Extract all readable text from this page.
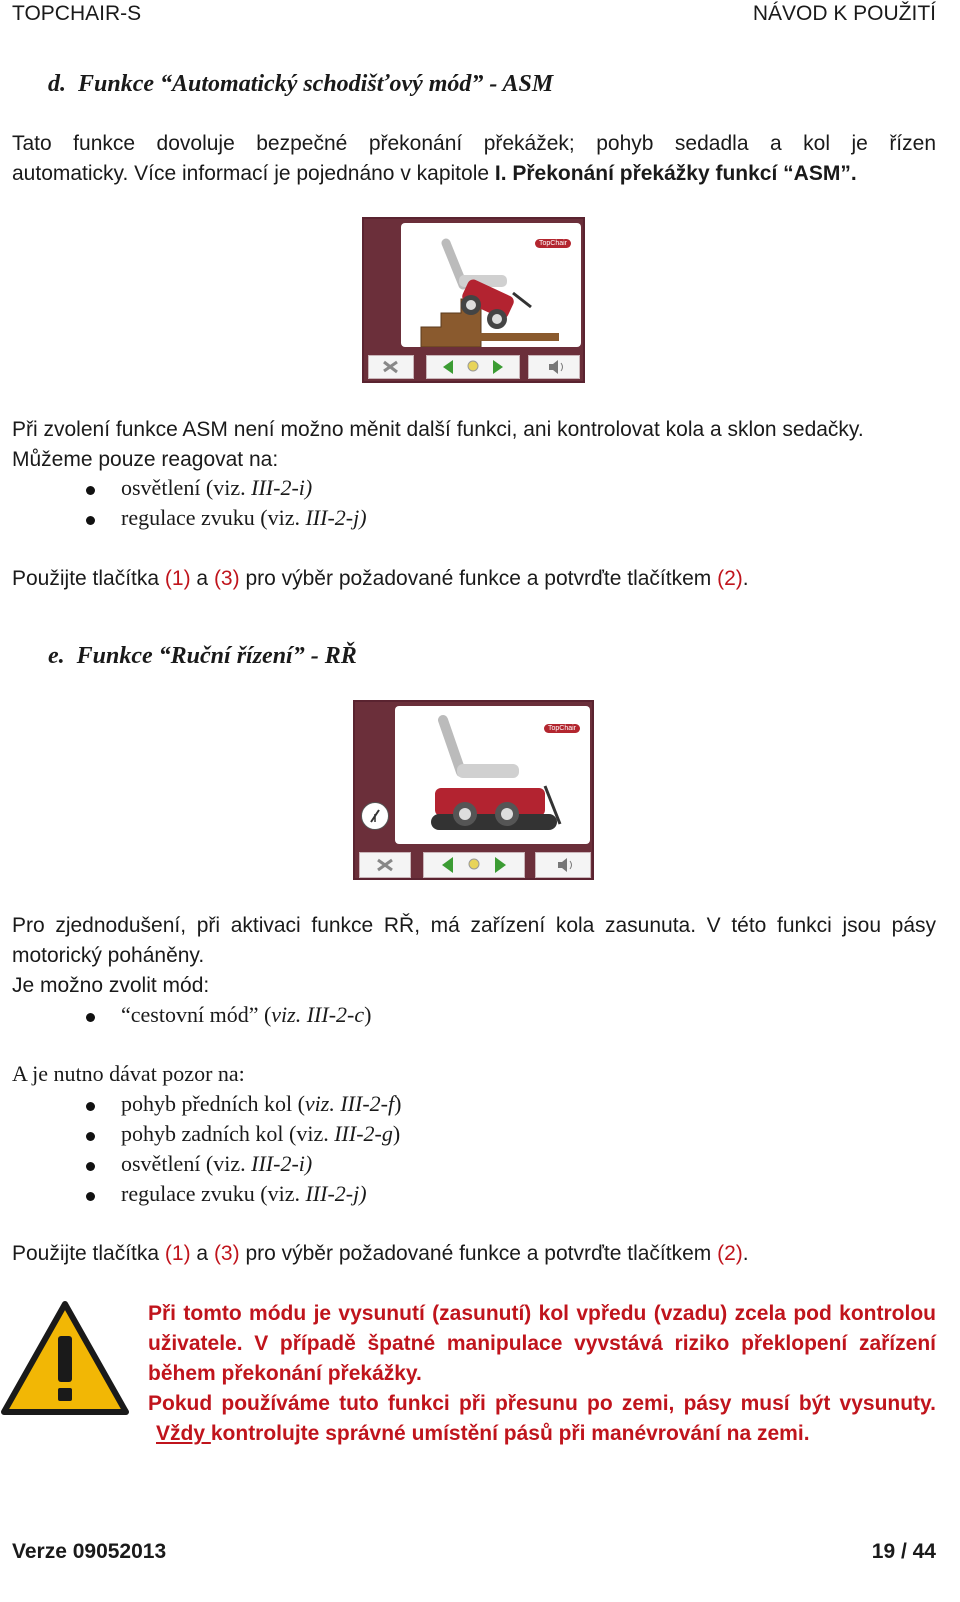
TOPCHAIR-S	NÁVOD K POUŽITÍ
d. Funkce “Automatický schodišťový mód” - ASM
Tato funkce dovoluje bezpečné překonání překážek; pohyb sedadla a kol je řízen
automaticky. Více informací je pojednáno v kapitole I. Překonání překážky funkcí “ASM”.
TopChair
Při zvolení funkce ASM není možno měnit další funkci, ani kontrolovat kola a sklon sedačky.
Můžeme pouze reagovat na:
osvětlení (viz. III-2-i)
regulace zvuku (viz. III-2-j)
Použijte tlačítka (1) a (3) pro výběr požadované funkce a potvrďte tlačítkem (2).
e. Funkce “Ruční řízení” - RŘ
TopChair
Pro zjednodušení, při aktivaci funkce RŘ, má zařízení kola zasunuta. V této funkci jsou pásy
motorický poháněny.
Je možno zvolit mód:
“cestovní mód” (viz. III-2-c)
A je nutno dávat pozor na:
pohyb předních kol (viz. III-2-f)
pohyb zadních kol (viz. III-2-g)
osvětlení (viz. III-2-i)
regulace zvuku (viz. III-2-j)
Použijte tlačítka (1) a (3) pro výběr požadované funkce a potvrďte tlačítkem (2).
Při tomto módu je vysunutí (zasunutí) kol vpředu (vzadu) zcela pod kontrolou
uživatele. V případě špatné manipulace vyvstává riziko překlopení zařízení
během překonání překážky.
Pokud používáme tuto funkci při přesunu po zemi, pásy musí být vysunuty.
Vždy kontrolujte správné umístění pásů při manévrování na zemi.
Verze 09052013	19 / 44
